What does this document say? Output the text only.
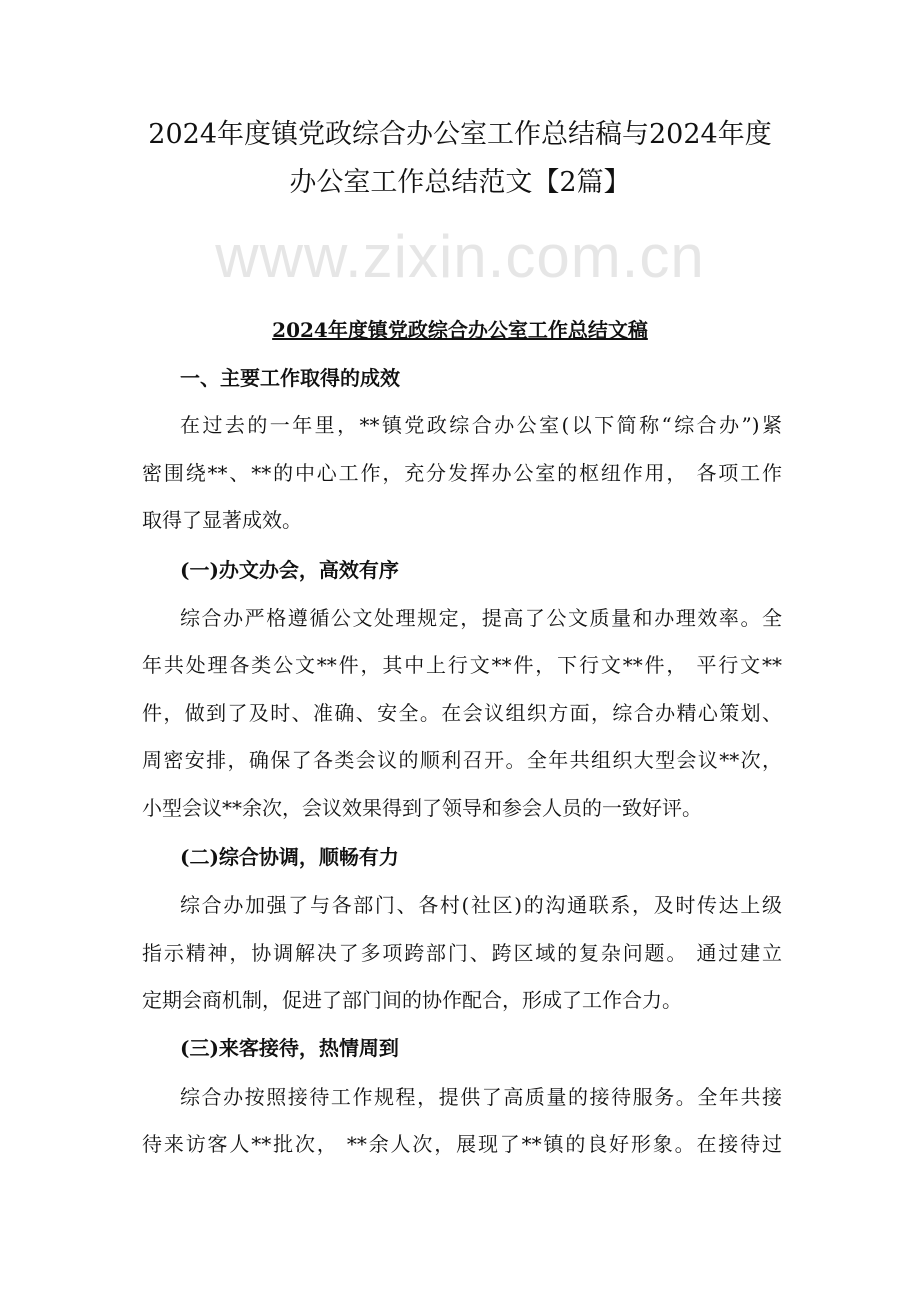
www.zixin.com.cn
2024年度镇党政综合办公室工作总结稿与2024年度
办公室工作总结范文【2篇】
2024年度镇党政综合办公室工作总结文稿
一、主要工作取得的成效
在过去的一年里，**镇党政综合办公室(以下简称“综合办”)紧
密围绕**、**的中心工作，充分发挥办公室的枢纽作用， 各项工作
取得了显著成效。
(一)办文办会，高效有序
综合办严格遵循公文处理规定，提高了公文质量和办理效率。全
年共处理各类公文**件，其中上行文**件，下行文**件， 平行文**
件，做到了及时、准确、安全。在会议组织方面，综合办精心策划、
周密安排，确保了各类会议的顺利召开。全年共组织大型会议**次，
小型会议**余次，会议效果得到了领导和参会人员的一致好评。
(二)综合协调，顺畅有力
综合办加强了与各部门、各村(社区)的沟通联系，及时传达上级
指示精神，协调解决了多项跨部门、跨区域的复杂问题。 通过建立
定期会商机制，促进了部门间的协作配合，形成了工作合力。
(三)来客接待，热情周到
综合办按照接待工作规程，提供了高质量的接待服务。全年共接
待来访客人**批次， **余人次，展现了**镇的良好形象。在接待过
